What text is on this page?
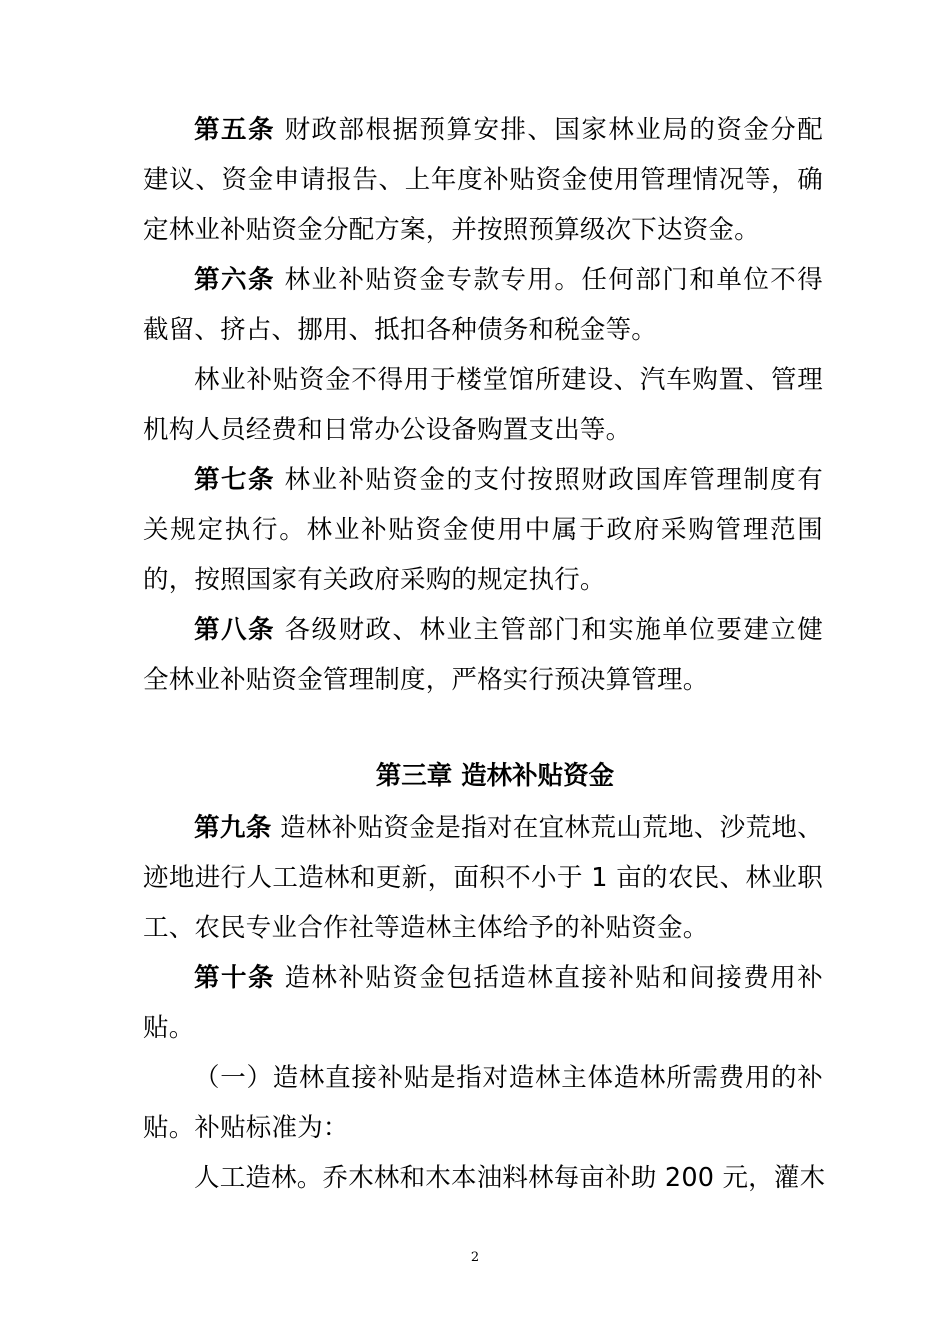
第五条 财政部根据预算安排、国家林业局的资金分配
建议、资金申请报告、上年度补贴资金使用管理情况等，确
定林业补贴资金分配方案，并按照预算级次下达资金。
第六条 林业补贴资金专款专用。任何部门和单位不得
截留、挤占、挪用、抵扣各种债务和税金等。
林业补贴资金不得用于楼堂馆所建设、汽车购置、管理
机构人员经费和日常办公设备购置支出等。
第七条 林业补贴资金的支付按照财政国库管理制度有
关规定执行。林业补贴资金使用中属于政府采购管理范围
的，按照国家有关政府采购的规定执行。
第八条 各级财政、林业主管部门和实施单位要建立健
全林业补贴资金管理制度，严格实行预决算管理。
第三章 造林补贴资金
第九条 造林补贴资金是指对在宜林荒山荒地、沙荒地、
迹地进行人工造林和更新，面积不小于 1 亩的农民、林业职
工、农民专业合作社等造林主体给予的补贴资金。
第十条 造林补贴资金包括造林直接补贴和间接费用补
贴。
（一）造林直接补贴是指对造林主体造林所需费用的补
贴。补贴标准为：
人工造林。乔木林和木本油料林每亩补助 200 元，灌木
2
